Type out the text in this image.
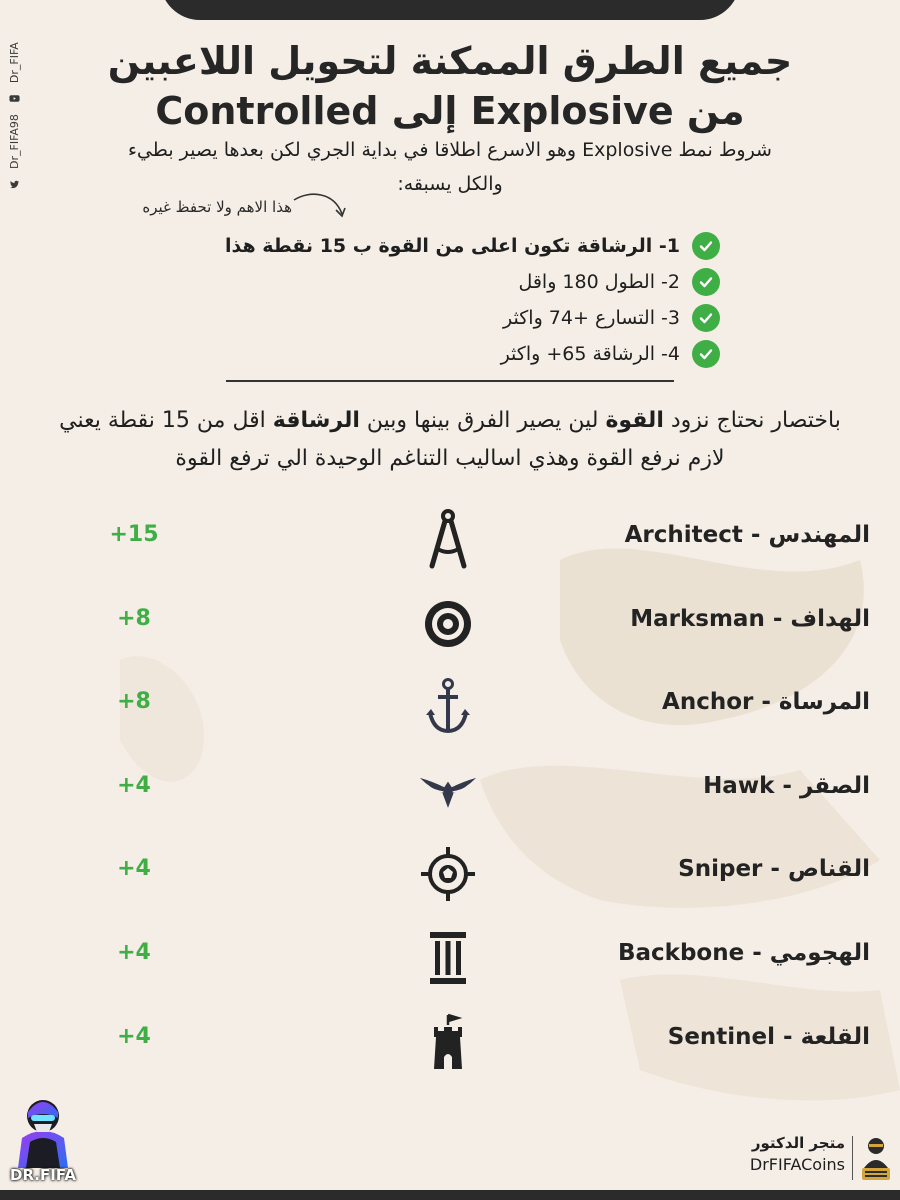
Dr_FIFA98
Dr_FIFA	جميع الطرق الممكنة لتحويل اللاعبين
من Explosive إلى Controlled
شروط نمط Explosive وهو الاسرع اطلاقا في بداية الجري لكن بعدها يصير بطيء والكل يسبقه:
هذا الاهم ولا تحفظ غيره
1- الرشاقة تكون اعلى من القوة ب 15 نقطة هذا
2- الطول 180 واقل
3- التسارع +74 واكثر
4- الرشاقة 65+ واكثر
باختصار نحتاج نزود القوة لين يصير الفرق بينها وبين الرشاقة اقل من 15 نقطة يعني لازم نرفع القوة وهذي اساليب التناغم الوحيدة الي ترفع القوة
المهندس - Architect
+15
الهداف - Marksman
+8
المرساة - Anchor
+8
الصقر - Hawk
+4
القناص - Sniper
+4
الهجومي - Backbone
+4
القلعة - Sentinel
+4
DR.FIFA
متجر الدكتور
DrFIFACoins
